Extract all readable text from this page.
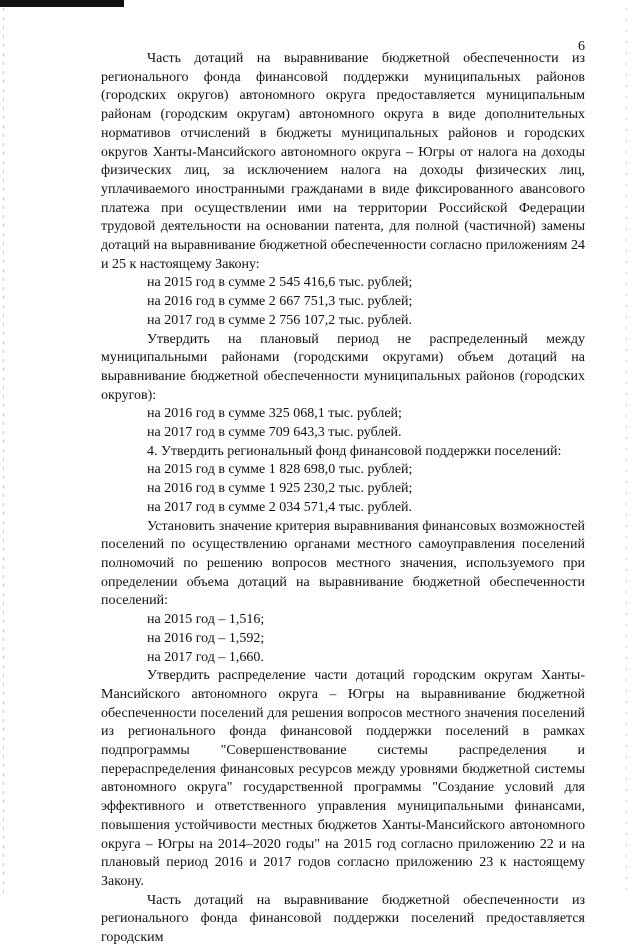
6

Часть дотаций на выравнивание бюджетной обеспеченности из регионального фонда финансовой поддержки муниципальных районов (городских округов) автономного округа предоставляется муниципальным районам (городским округам) автономного округа в виде дополнительных нормативов отчислений в бюджеты муниципальных районов и городских округов Ханты-Мансийского автономного округа – Югры от налога на доходы физических лиц, за исключением налога на доходы физических лиц, уплачиваемого иностранными гражданами в виде фиксированного авансового платежа при осуществлении ими на территории Российской Федерации трудовой деятельности на основании патента, для полной (частичной) замены дотаций на выравнивание бюджетной обеспеченности согласно приложениям 24 и 25 к настоящему Закону:

на 2015 год в сумме 2 545 416,6 тыс. рублей;

на 2016 год в сумме 2 667 751,3 тыс. рублей;

на 2017 год в сумме 2 756 107,2 тыс. рублей.

Утвердить на плановый период не распределенный между муниципальными районами (городскими округами) объем дотаций на выравнивание бюджетной обеспеченности муниципальных районов (городских округов):

на 2016 год в сумме 325 068,1 тыс. рублей;

на 2017 год в сумме 709 643,3 тыс. рублей.

4. Утвердить региональный фонд финансовой поддержки поселений:

на 2015 год в сумме 1 828 698,0 тыс. рублей;

на 2016 год в сумме 1 925 230,2 тыс. рублей;

на 2017 год в сумме 2 034 571,4 тыс. рублей.

Установить значение критерия выравнивания финансовых возможностей поселений по осуществлению органами местного самоуправления поселений полномочий по решению вопросов местного значения, используемого при определении объема дотаций на выравнивание бюджетной обеспеченности поселений:

на 2015 год – 1,516;

на 2016 год – 1,592;

на 2017 год – 1,660.

Утвердить распределение части дотаций городским округам Ханты-Мансийского автономного округа – Югры на выравнивание бюджетной обеспеченности поселений для решения вопросов местного значения поселений из регионального фонда финансовой поддержки поселений в рамках подпрограммы "Совершенствование системы распределения и перераспределения финансовых ресурсов между уровнями бюджетной системы автономного округа" государственной программы "Создание условий для эффективного и ответственного управления муниципальными финансами, повышения устойчивости местных бюджетов Ханты-Мансийского автономного округа – Югры на 2014–2020 годы" на 2015 год согласно приложению 22 и на плановый период 2016 и 2017 годов согласно приложению 23 к настоящему Закону.

Часть дотаций на выравнивание бюджетной обеспеченности из регионального фонда финансовой поддержки поселений предоставляется городским
